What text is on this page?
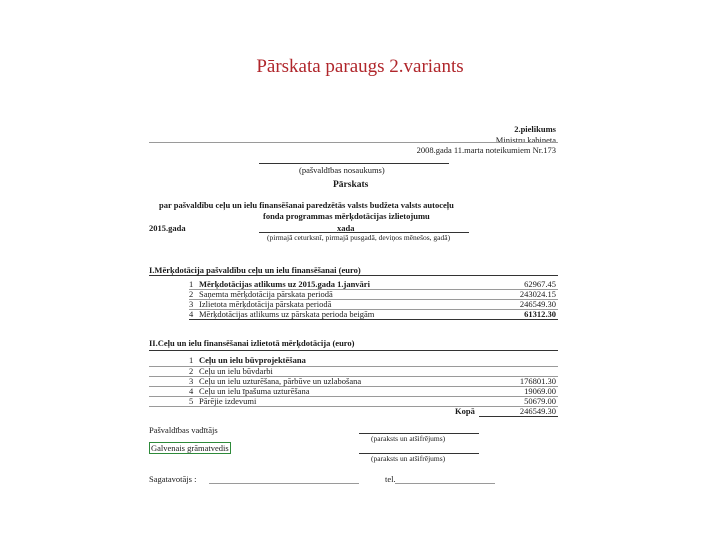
Pārskata paraugs 2.variants
2.pielikums
Ministru kabineta
2008.gada 11.marta noteikumiem Nr.173
(pašvaldības nosaukums)
Pārskats
par pašvaldību ceļu un ielu finansēšanai paredzētās valsts budžeta valsts autoceļu
fonda programmas mērķdotācijas izlietojumu
2015.gada	xada
(pirmajā ceturksnī, pirmajā pusgadā, deviņos mēnešos, gadā)
I.Mērķdotācija pašvaldību ceļu un ielu finansēšanai (euro)
1 Mērķdotācijas atlikums uz 2015.gada 1.janvāri	62967.45
2 Saņemta mērķdotācija pārskata periodā	243024.15
3 Izlietota mērķdotācija pārskata periodā	246549.30
4 Mērķdotācijas atlikums uz pārskata perioda beigām	61312.30
II.Ceļu un ielu finansēšanai izlietotā mērķdotācija (euro)
1 Ceļu un ielu būvprojektēšana
2 Ceļu un ielu būvdarbi
3 Ceļu un ielu uzturēšana, pārbūve un uzlabošana	176801.30
4 Ceļu un ielu īpašuma uzturēšana	19069.00
5 Pārējie izdevumi	50679.00
Kopā	246549.30
Pašvaldības vadītājs
(paraksts un atšifrējums)
Galvenais grāmatvedis
(paraksts un atšifrējums)
Sagatavotājs :	tel.
